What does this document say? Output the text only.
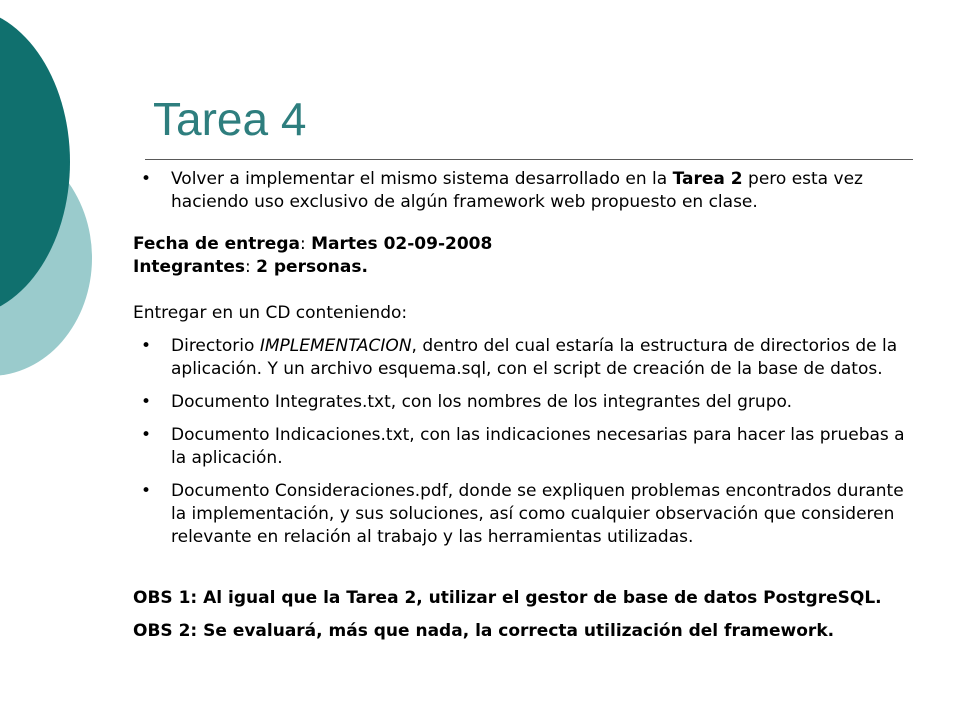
Tarea 4

• Volver a implementar el mismo sistema desarrollado en la Tarea 2 pero esta vez haciendo uso exclusivo de algún framework web propuesto en clase.

Fecha de entrega: Martes 02-09-2008

Integrantes: 2 personas.

Entregar en un CD conteniendo:

• Directorio IMPLEMENTACION, dentro del cual estaría la estructura de directorios de la aplicación. Y un archivo esquema.sql, con el script de creación de la base de datos.

• Documento Integrates.txt, con los nombres de los integrantes del grupo.

• Documento Indicaciones.txt, con las indicaciones necesarias para hacer las pruebas a la aplicación.

• Documento Consideraciones.pdf, donde se expliquen problemas encontrados durante la implementación, y sus soluciones, así como cualquier observación que consideren relevante en relación al trabajo y las herramientas utilizadas.

OBS 1: Al igual que la Tarea 2, utilizar el gestor de base de datos PostgreSQL.

OBS 2: Se evaluará, más que nada, la correcta utilización del framework.
